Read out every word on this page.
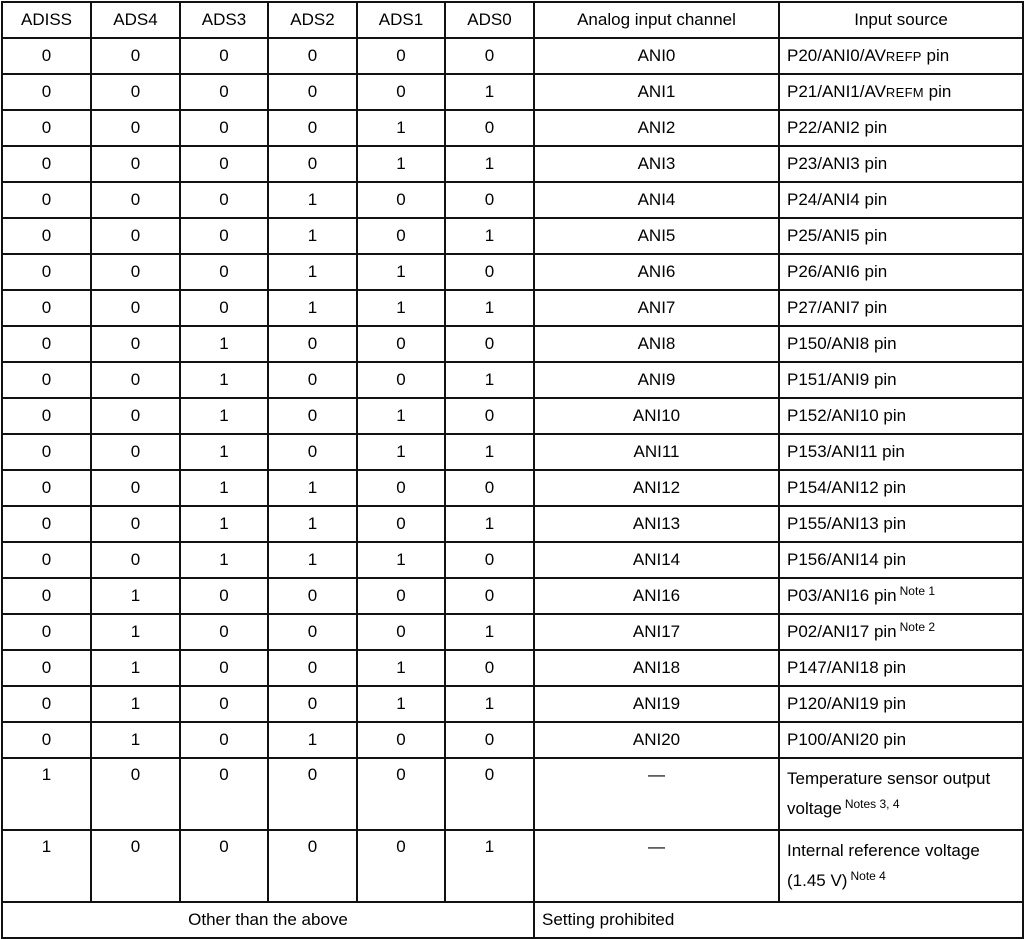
ADISS	ADS4	ADS3	ADS2	ADS1	ADS0	Analog input channel	Input source
0	0	0	0	0	0	ANI0	P20/ANI0/AVREFP pin
0	0	0	0	0	1	ANI1	P21/ANI1/AVREFM pin
0	0	0	0	1	0	ANI2	P22/ANI2 pin
0	0	0	0	1	1	ANI3	P23/ANI3 pin
0	0	0	1	0	0	ANI4	P24/ANI4 pin
0	0	0	1	0	1	ANI5	P25/ANI5 pin
0	0	0	1	1	0	ANI6	P26/ANI6 pin
0	0	0	1	1	1	ANI7	P27/ANI7 pin
0	0	1	0	0	0	ANI8	P150/ANI8 pin
0	0	1	0	0	1	ANI9	P151/ANI9 pin
0	0	1	0	1	0	ANI10	P152/ANI10 pin
0	0	1	0	1	1	ANI11	P153/ANI11 pin
0	0	1	1	0	0	ANI12	P154/ANI12 pin
0	0	1	1	0	1	ANI13	P155/ANI13 pin
0	0	1	1	1	0	ANI14	P156/ANI14 pin
0	1	0	0	0	0	ANI16	P03/ANI16 pin $^{Note 1}$
0	1	0	0	0	1	ANI17	P02/ANI17 pin $^{Note 2}$
0	1	0	0	1	0	ANI18	P147/ANI18 pin
0	1	0	0	1	1	ANI19	P120/ANI19 pin
0	1	0	1	0	0	ANI20	P100/ANI20 pin
1	0	0	0	0	0	—	Temperature sensor output voltage $^{Notes 3, 4}$
1	0	0	0	0	1	—	Internal reference voltage (1.45 V) $^{Note 4}$
Other than the above						Setting prohibited	
